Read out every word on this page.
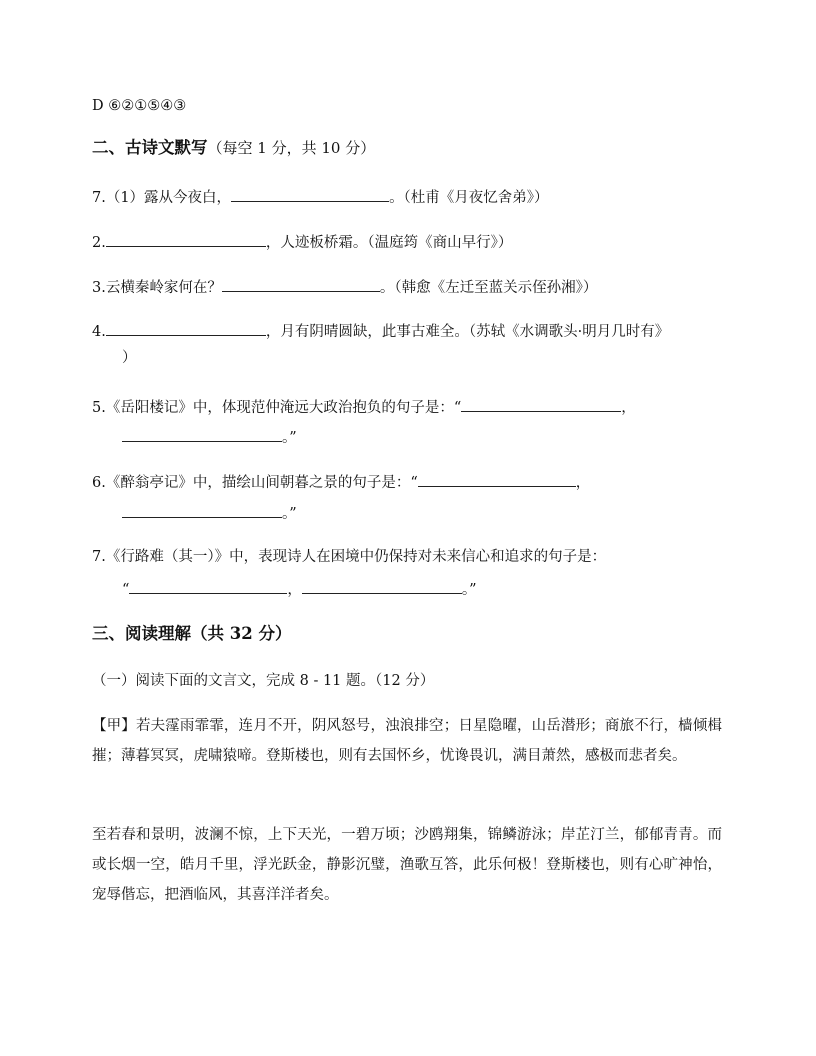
D ⑥②①⑤④③
二、古诗文默写（每空 1 分，共 10 分）
7.（1）露从今夜白，	。（杜甫《月夜忆舍弟》）
2.	，人迹板桥霜。（温庭筠《商山早行》）
3.云横秦岭家何在？	。（韩愈《左迁至蓝关示侄孙湘》）
4.	，月有阴晴圆缺，此事古难全。（苏轼《水调歌头·明月几时有》
）
5.《岳阳楼记》中，体现范仲淹远大政治抱负的句子是：“	，
。”
6.《醉翁亭记》中，描绘山间朝暮之景的句子是：“	，
。”
7.《行路难（其一）》中，表现诗人在困境中仍保持对未来信心和追求的句子是：
“	，	。”
三、阅读理解（共 32 分）
（一）阅读下面的文言文，完成 8 - 11 题。（12 分）
【甲】若夫霪雨霏霏，连月不开，阴风怒号，浊浪排空；日星隐曜，山岳潜形；商旅不行，樯倾楫摧；薄暮冥冥，虎啸猿啼。登斯楼也，则有去国怀乡，忧谗畏讥，满目萧然，感极而悲者矣。
至若春和景明，波澜不惊，上下天光，一碧万顷；沙鸥翔集，锦鳞游泳；岸芷汀兰，郁郁青青。而或长烟一空，皓月千里，浮光跃金，静影沉璧，渔歌互答，此乐何极！登斯楼也，则有心旷神怡，宠辱偕忘，把酒临风，其喜洋洋者矣。
